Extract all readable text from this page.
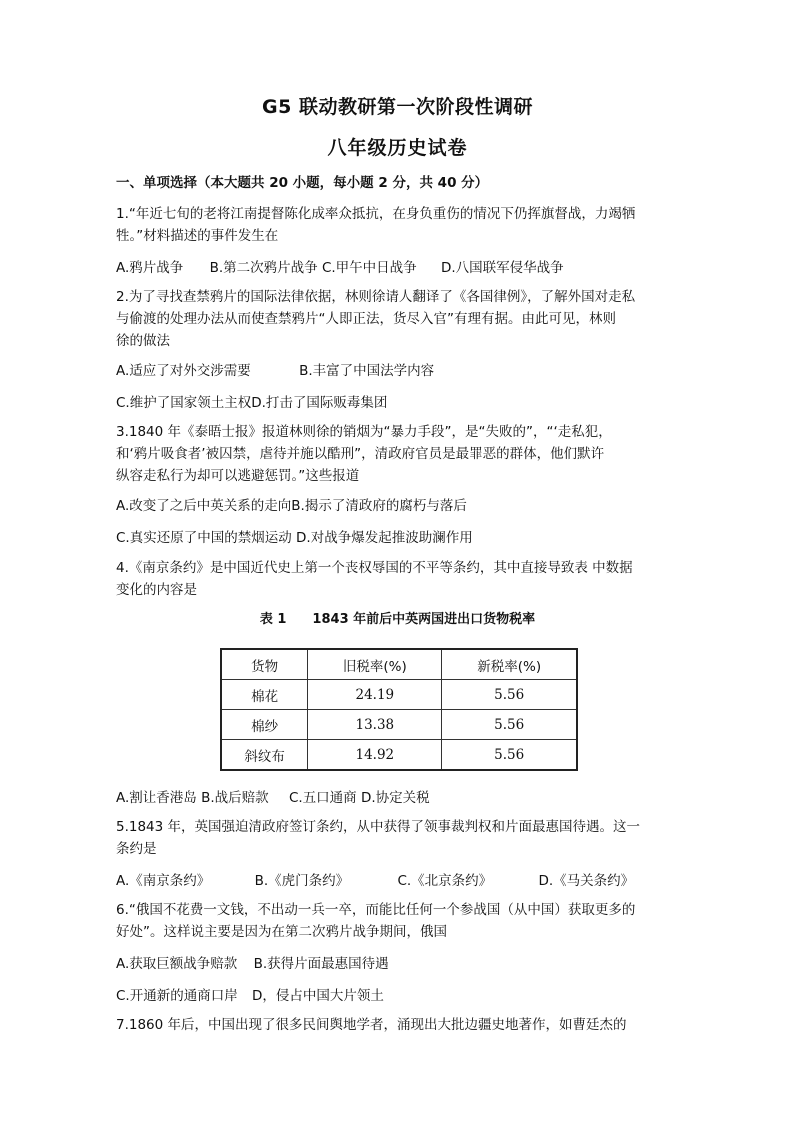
G5 联动教研第一次阶段性调研
八年级历史试卷
一、单项选择（本大题共 20 小题，每小题 2 分，共 40 分）
1.“年近七旬的老将江南提督陈化成率众抵抗，在身负重伤的情况下仍挥旗督战，力竭牺
牲。”材料描述的事件发生在
A.鸦片战争 B.第二次鸦片战争 C.甲午中日战争 D.八国联军侵华战争
2.为了寻找查禁鸦片的国际法律依据，林则徐请人翻译了《各国律例》，了解外国对走私
与偷渡的处理办法从而使查禁鸦片“人即正法，货尽入官”有理有据。由此可见，林则
徐的做法
A.适应了对外交涉需要	B.丰富了中国法学内容
C.维护了国家领土主权D.打击了国际贩毒集团
3.1840 年《泰晤士报》报道林则徐的销烟为“暴力手段”，是“失败的”，“‘走私犯，
和‘鸦片吸食者’被囚禁，虐待并施以酷刑”，清政府官员是最罪恶的群体，他们默许
纵容走私行为却可以逃避惩罚。”这些报道
A.改变了之后中英关系的走向B.揭示了清政府的腐朽与落后
C.真实还原了中国的禁烟运动 D.对战争爆发起推波助澜作用
4.《南京条约》是中国近代史上第一个丧权辱国的不平等条约，其中直接导致表 中数据
变化的内容是
表 1　　1843 年前后中英两国进出口货物税率
货物	旧税率(%)	新税率(%)
棉花	24.19	5.56
棉纱	13.38	5.56
斜纹布	14.92	5.56
A.割让香港岛 B.战后赔款 C.五口通商 D.协定关税
5.1843 年，英国强迫清政府签订条约，从中获得了领事裁判权和片面最惠国待遇。这一
条约是
A.《南京条约》	B.《虎门条约》	C.《北京条约》	D.《马关条约》
6.“俄国不花费一文钱，不出动一兵一卒，而能比任何一个参战国（从中国）获取更多的
好处”。这样说主要是因为在第二次鸦片战争期间，俄国
A.获取巨额战争赔款 B.获得片面最惠国待遇
C.开通新的通商口岸 D，侵占中国大片领土
7.1860 年后，中国出现了很多民间舆地学者，涌现出大批边疆史地著作，如曹廷杰的
